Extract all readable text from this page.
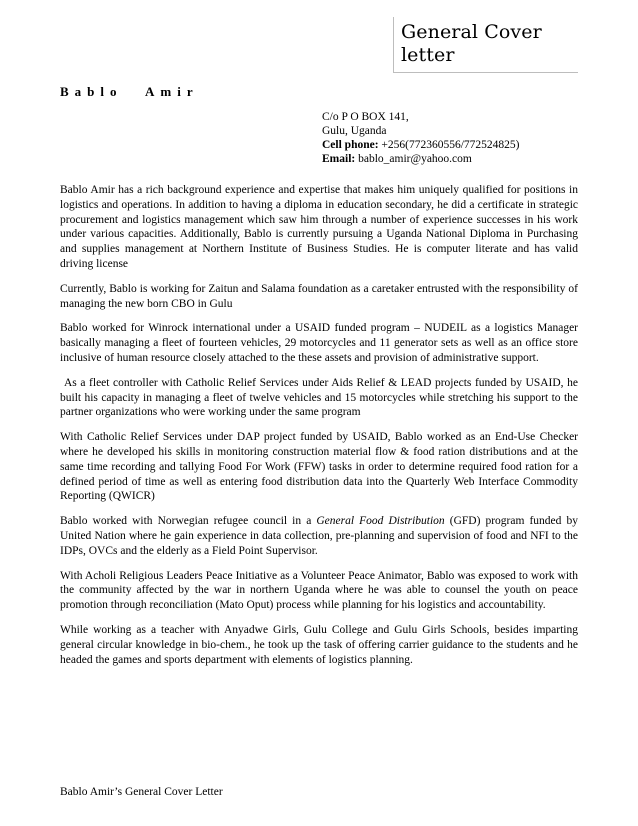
General Cover
letter
Bablo Amir
C/o P O BOX 141,
Gulu, Uganda
Cell phone: +256(772360556/772524825)
Email: bablo_amir@yahoo.com

Bablo Amir has a rich background experience and expertise that makes him uniquely qualified for positions in logistics and operations. In addition to having a diploma in education secondary, he did a certificate in strategic procurement and logistics management which saw him through a number of experience successes in his work under various capacities. Additionally, Bablo is currently pursuing a Uganda National Diploma in Purchasing and supplies management at Northern Institute of Business Studies. He is computer literate and has valid driving license

Currently, Bablo is working for Zaitun and Salama foundation as a caretaker entrusted with the responsibility of managing the new born CBO in Gulu

Bablo worked for Winrock international under a USAID funded program – NUDEIL as a logistics Manager basically managing a fleet of fourteen vehicles, 29 motorcycles and 11 generator sets as well as an office store inclusive of human resource closely attached to the these assets and provision of administrative support.

As a fleet controller with Catholic Relief Services under Aids Relief & LEAD projects funded by USAID, he built his capacity in managing a fleet of twelve vehicles and 15 motorcycles while stretching his support to the partner organizations who were working under the same program

With Catholic Relief Services under DAP project funded by USAID, Bablo worked as an End-Use Checker where he developed his skills in monitoring construction material flow & food ration distributions and at the same time recording and tallying Food For Work (FFW) tasks in order to determine required food ration for a defined period of time as well as entering food distribution data into the Quarterly Web Interface Commodity Reporting (QWICR)

Bablo worked with Norwegian refugee council in a General Food Distribution (GFD) program funded by United Nation where he gain experience in data collection, pre-planning and supervision of food and NFI to the IDPs, OVCs and the elderly as a Field Point Supervisor.

With Acholi Religious Leaders Peace Initiative as a Volunteer Peace Animator, Bablo was exposed to work with the community affected by the war in northern Uganda where he was able to counsel the youth on peace promotion through reconciliation (Mato Oput) process while planning for his logistics and accountability.

While working as a teacher with Anyadwe Girls, Gulu College and Gulu Girls Schools, besides imparting general circular knowledge in bio-chem., he took up the task of offering carrier guidance to the students and he headed the games and sports department with elements of logistics planning.

Bablo Amir’s General Cover Letter
